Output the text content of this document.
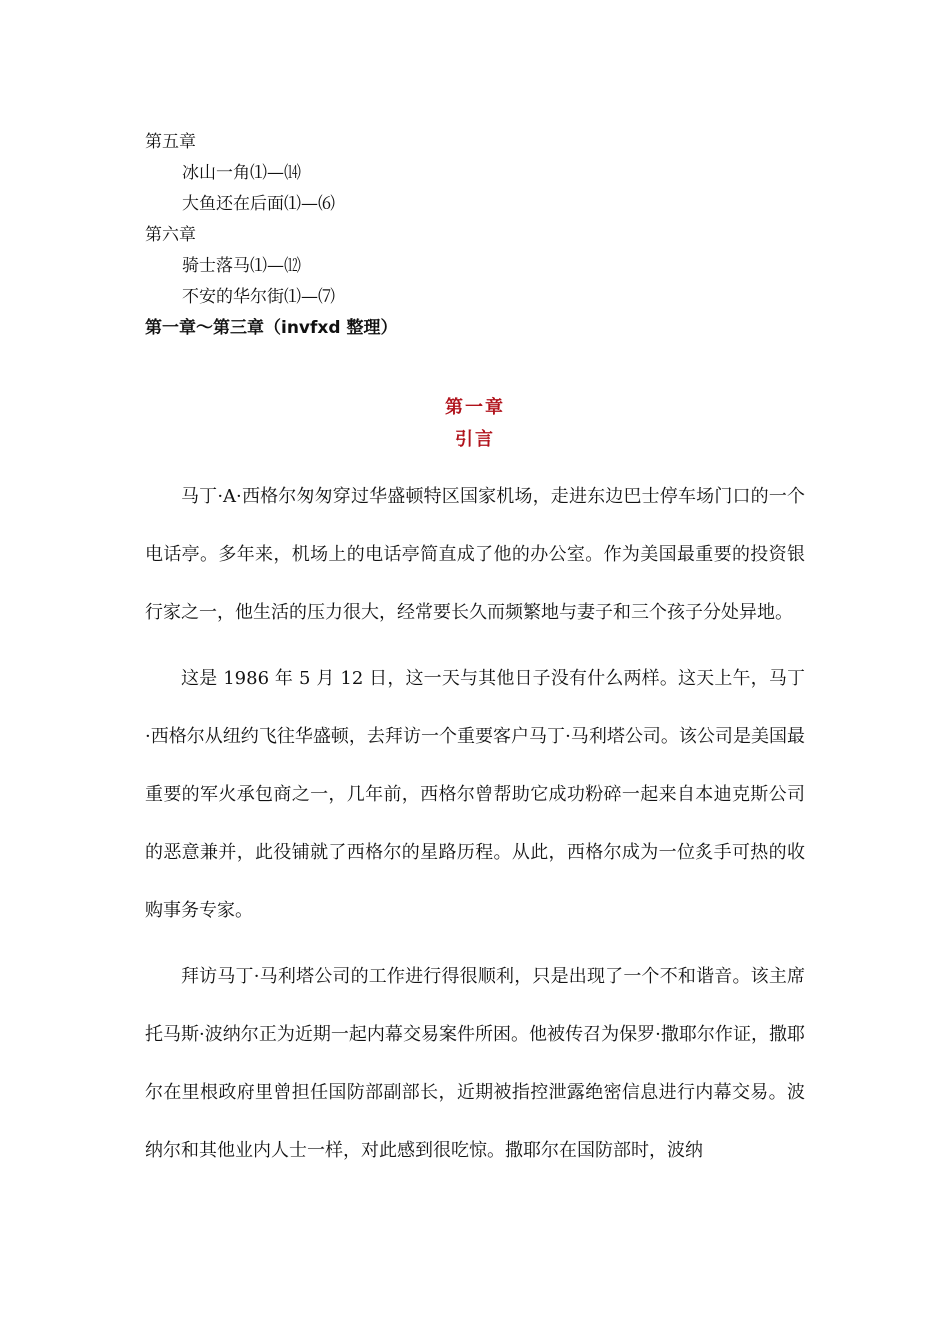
第五章
冰山一角⑴—⒁
大鱼还在后面⑴—⑹
第六章
骑士落马⑴—⑿
不安的华尔街⑴—⑺
第一章～第三章（invfxd 整理）
第一章
引言

马丁·A·西格尔匆匆穿过华盛顿特区国家机场，走进东边巴士停车场门口的一个电话亭。多年来，机场上的电话亭简直成了他的办公室。作为美国最重要的投资银行家之一，他生活的压力很大，经常要长久而频繁地与妻子和三个孩子分处异地。

这是 1986 年 5 月 12 日，这一天与其他日子没有什么两样。这天上午，马丁·西格尔从纽约飞往华盛顿，去拜访一个重要客户马丁·马利塔公司。该公司是美国最重要的军火承包商之一，几年前，西格尔曾帮助它成功粉碎一起来自本迪克斯公司的恶意兼并，此役铺就了西格尔的星路历程。从此，西格尔成为一位炙手可热的收购事务专家。

拜访马丁·马利塔公司的工作进行得很顺利，只是出现了一个不和谐音。该主席托马斯·波纳尔正为近期一起内幕交易案件所困。他被传召为保罗·撒耶尔作证，撒耶尔在里根政府里曾担任国防部副部长，近期被指控泄露绝密信息进行内幕交易。波纳尔和其他业内人士一样，对此感到很吃惊。撒耶尔在国防部时，波纳
